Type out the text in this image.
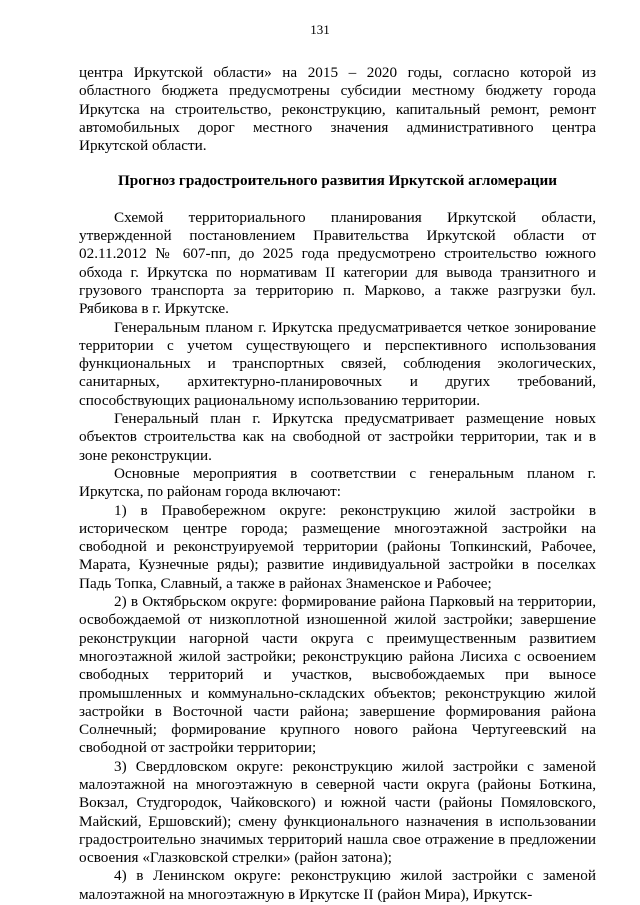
131

центра Иркутской области» на 2015 – 2020 годы, согласно которой из областного бюджета предусмотрены субсидии местному бюджету города Иркутска на строительство, реконструкцию, капитальный ремонт, ремонт автомобильных дорог местного значения административного центра Иркутской области.

Прогноз градостроительного развития Иркутской агломерации

Схемой территориального планирования Иркутской области, утвержденной постановлением Правительства Иркутской области от 02.11.2012 № 607-пп, до 2025 года предусмотрено строительство южного обхода г. Иркутска по нормативам II категории для вывода транзитного и грузового транспорта за территорию п. Марково, а также разгрузки бул. Рябикова в г. Иркутске.

Генеральным планом г. Иркутска предусматривается четкое зонирование территории с учетом существующего и перспективного использования функциональных и транспортных связей, соблюдения экологических, санитарных, архитектурно-планировочных и других требований, способствующих рациональному использованию территории.

Генеральный план г. Иркутска предусматривает размещение новых объектов строительства как на свободной от застройки территории, так и в зоне реконструкции.

Основные мероприятия в соответствии с генеральным планом г. Иркутска, по районам города включают:

1) в Правобережном округе: реконструкцию жилой застройки в историческом центре города; размещение многоэтажной застройки на свободной и реконструируемой территории (районы Топкинский, Рабочее, Марата, Кузнечные ряды); развитие индивидуальной застройки в поселках Падь Топка, Славный, а также в районах Знаменское и Рабочее;

2) в Октябрьском округе: формирование района Парковый на территории, освобождаемой от низкоплотной изношенной жилой застройки; завершение реконструкции нагорной части округа с преимущественным развитием многоэтажной жилой застройки; реконструкцию района Лисиха с освоением свободных территорий и участков, высвобождаемых при выносе промышленных и коммунально-складских объектов; реконструкцию жилой застройки в Восточной части района; завершение формирования района Солнечный; формирование крупного нового района Чертугеевский на свободной от застройки территории;

3) Свердловском округе: реконструкцию жилой застройки с заменой малоэтажной на многоэтажную в северной части округа (районы Боткина, Вокзал, Студгородок, Чайковского) и южной части (районы Помяловского, Майский, Ершовский); смену функционального назначения в использовании градостроительно значимых территорий нашла свое отражение в предложении освоения «Глазковской стрелки» (район затона);

4) в Ленинском округе: реконструкцию жилой застройки с заменой малоэтажной на многоэтажную в Иркутске II (район Мира), Иркутск-
